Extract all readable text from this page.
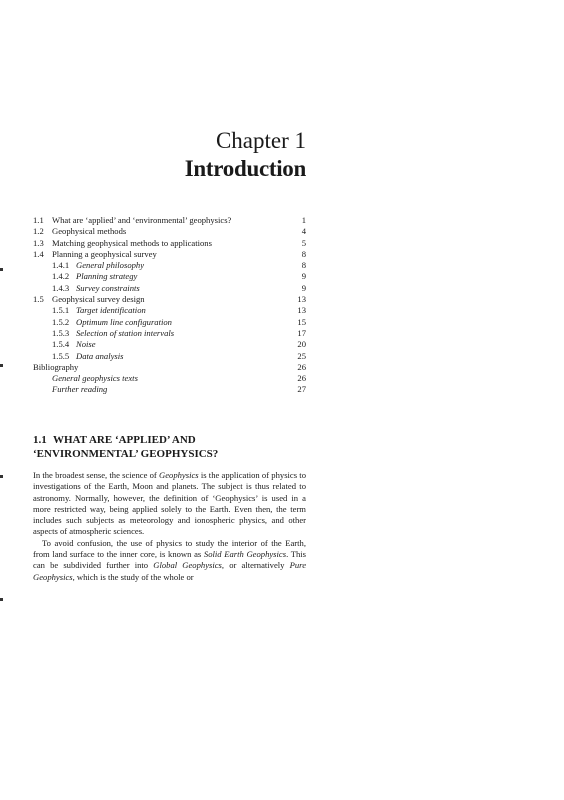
Chapter 1
Introduction
1.1 What are ‘applied’ and ‘environmental’ geophysics?	1
1.2 Geophysical methods	4
1.3 Matching geophysical methods to applications	5
1.4 Planning a geophysical survey	8
1.4.1 General philosophy	8
1.4.2 Planning strategy	9
1.4.3 Survey constraints	9
1.5 Geophysical survey design	13
1.5.1 Target identification	13
1.5.2 Optimum line configuration	15
1.5.3 Selection of station intervals	17
1.5.4 Noise	20
1.5.5 Data analysis	25
Bibliography	26
General geophysics texts	26
Further reading	27
1.1 WHAT ARE ‘APPLIED’ AND
‘ENVIRONMENTAL’ GEOPHYSICS?

In the broadest sense, the science of Geophysics is the application of physics to investigations of the Earth, Moon and planets. The subject is thus related to astronomy. Normally, however, the definition of ‘Geophysics’ is used in a more restricted way, being applied solely to the Earth. Even then, the term includes such subjects as meteorology and ionospheric physics, and other aspects of atmospheric sciences.

To avoid confusion, the use of physics to study the interior of the Earth, from land surface to the inner core, is known as Solid Earth Geophysics. This can be subdivided further into Global Geophysics, or alternatively Pure Geophysics, which is the study of the whole or
